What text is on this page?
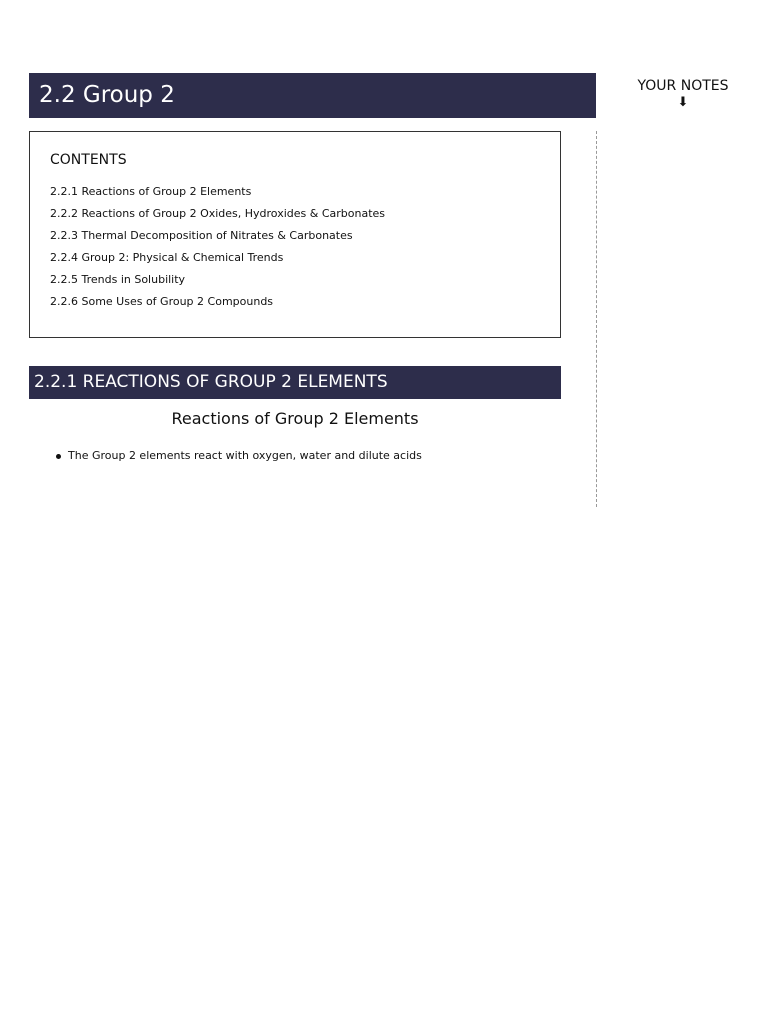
2.2 Group 2	YOUR NOTES
⬇
CONTENTS
2.2.1 Reactions of Group 2 Elements
2.2.2 Reactions of Group 2 Oxides, Hydroxides & Carbonates
2.2.3 Thermal Decomposition of Nitrates & Carbonates
2.2.4 Group 2: Physical & Chemical Trends
2.2.5 Trends in Solubility
2.2.6 Some Uses of Group 2 Compounds
2.2.1 REACTIONS OF GROUP 2 ELEMENTS
Reactions of Group 2 Elements
The Group 2 elements react with oxygen, water and dilute acids
